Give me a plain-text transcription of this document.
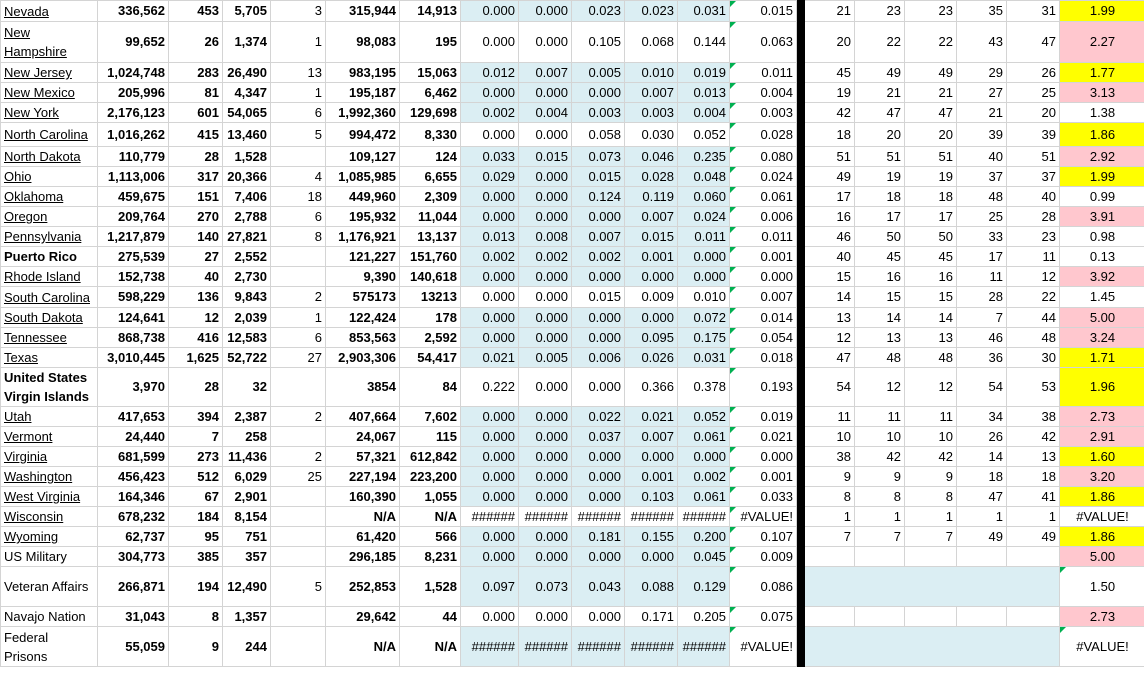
Nevada	336,562	453	5,705	3	315,944	14,913	0.000	0.000	0.023	0.023	0.031	0.015		21	23	23	35	31	1.99
New Hampshire	99,652	26	1,374	1	98,083	195	0.000	0.000	0.105	0.068	0.144	0.063		20	22	22	43	47	2.27
New Jersey	1,024,748	283	26,490	13	983,195	15,063	0.012	0.007	0.005	0.010	0.019	0.011		45	49	49	29	26	1.77
New Mexico	205,996	81	4,347	1	195,187	6,462	0.000	0.000	0.000	0.007	0.013	0.004		19	21	21	27	25	3.13
New York	2,176,123	601	54,065	6	1,992,360	129,698	0.002	0.004	0.003	0.003	0.004	0.003		42	47	47	21	20	1.38
North Carolina	1,016,262	415	13,460	5	994,472	8,330	0.000	0.000	0.058	0.030	0.052	0.028		18	20	20	39	39	1.86
North Dakota	110,779	28	1,528		109,127	124	0.033	0.015	0.073	0.046	0.235	0.080		51	51	51	40	51	2.92
Ohio	1,113,006	317	20,366	4	1,085,985	6,655	0.029	0.000	0.015	0.028	0.048	0.024		49	19	19	37	37	1.99
Oklahoma	459,675	151	7,406	18	449,960	2,309	0.000	0.000	0.124	0.119	0.060	0.061		17	18	18	48	40	0.99
Oregon	209,764	270	2,788	6	195,932	11,044	0.000	0.000	0.000	0.007	0.024	0.006		16	17	17	25	28	3.91
Pennsylvania	1,217,879	140	27,821	8	1,176,921	13,137	0.013	0.008	0.007	0.015	0.011	0.011		46	50	50	33	23	0.98
Puerto Rico	275,539	27	2,552		121,227	151,760	0.002	0.002	0.002	0.001	0.000	0.001		40	45	45	17	11	0.13
Rhode Island	152,738	40	2,730		9,390	140,618	0.000	0.000	0.000	0.000	0.000	0.000		15	16	16	11	12	3.92
South Carolina	598,229	136	9,843	2	575173	13213	0.000	0.000	0.015	0.009	0.010	0.007		14	15	15	28	22	1.45
South Dakota	124,641	12	2,039	1	122,424	178	0.000	0.000	0.000	0.000	0.072	0.014		13	14	14	7	44	5.00
Tennessee	868,738	416	12,583	6	853,563	2,592	0.000	0.000	0.000	0.095	0.175	0.054		12	13	13	46	48	3.24
Texas	3,010,445	1,625	52,722	27	2,903,306	54,417	0.021	0.005	0.006	0.026	0.031	0.018		47	48	48	36	30	1.71
United States Virgin Islands	3,970	28	32		3854	84	0.222	0.000	0.000	0.366	0.378	0.193		54	12	12	54	53	1.96
Utah	417,653	394	2,387	2	407,664	7,602	0.000	0.000	0.022	0.021	0.052	0.019		11	11	11	34	38	2.73
Vermont	24,440	7	258		24,067	115	0.000	0.000	0.037	0.007	0.061	0.021		10	10	10	26	42	2.91
Virginia	681,599	273	11,436	2	57,321	612,842	0.000	0.000	0.000	0.000	0.000	0.000		38	42	42	14	13	1.60
Washington	456,423	512	6,029	25	227,194	223,200	0.000	0.000	0.000	0.001	0.002	0.001		9	9	9	18	18	3.20
West Virginia	164,346	67	2,901		160,390	1,055	0.000	0.000	0.000	0.103	0.061	0.033		8	8	8	47	41	1.86
Wisconsin	678,232	184	8,154		N/A	N/A	######	######	######	######	######	#VALUE!		1	1	1	1	1	#VALUE!
Wyoming	62,737	95	751		61,420	566	0.000	0.000	0.181	0.155	0.200	0.107		7	7	7	49	49	1.86
US Military	304,773	385	357		296,185	8,231	0.000	0.000	0.000	0.000	0.045	0.009							5.00
Veteran Affairs	266,871	194	12,490	5	252,853	1,528	0.097	0.073	0.043	0.088	0.129	0.086							1.50
Navajo Nation	31,043	8	1,357		29,642	44	0.000	0.000	0.000	0.171	0.205	0.075							2.73
Federal Prisons	55,059	9	244		N/A	N/A	######	######	######	######	######	#VALUE!							#VALUE!
